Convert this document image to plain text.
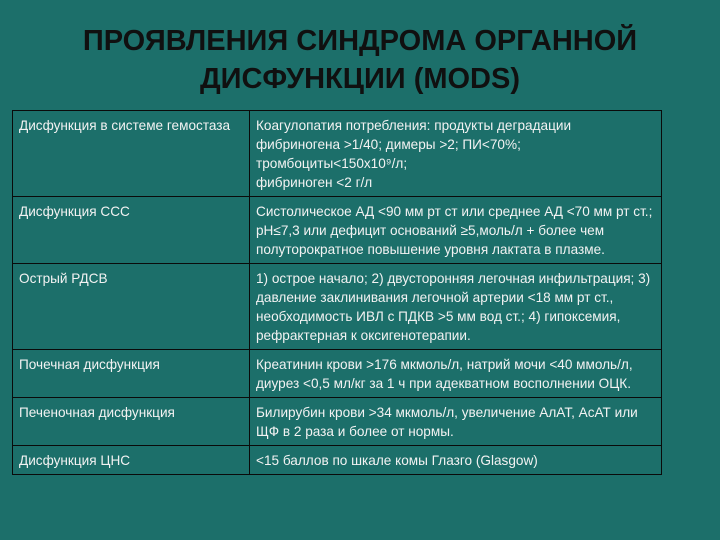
ПРОЯВЛЕНИЯ СИНДРОМА ОРГАННОЙ
ДИСФУНКЦИИ (MODS)
Дисфункция в системе гемостаза	Коагулопатия потребления: продукты деградации фибриногена >1/40; димеры >2; ПИ<70%;
тромбоциты<150x10⁹/л;
фибриноген <2 г/л
Дисфункция ССС	Систолическое АД <90 мм рт ст или среднее АД <70 мм рт ст.; рН≤7,3 или дефицит оснований ≥5,моль/л + более чем полуторократное повышение уровня лактата в плазме.
Острый РДСВ	1) острое начало; 2) двусторонняя легочная инфильтрация; 3) давление заклинивания легочной артерии <18 мм рт ст., необходимость ИВЛ с ПДКВ >5 мм вод ст.; 4) гипоксемия, рефрактерная к оксигенотерапии.
Почечная дисфункция	Креатинин крови >176 мкмоль/л, натрий мочи <40 ммоль/л, диурез <0,5 мл/кг за 1 ч при адекватном восполнении ОЦК.
Печеночная дисфункция	Билирубин крови >34 мкмоль/л, увеличение АлАТ, АсАТ или ЩФ в 2 раза и более от нормы.
Дисфункция ЦНС	<15 баллов по шкале комы Глазго (Glasgow)
